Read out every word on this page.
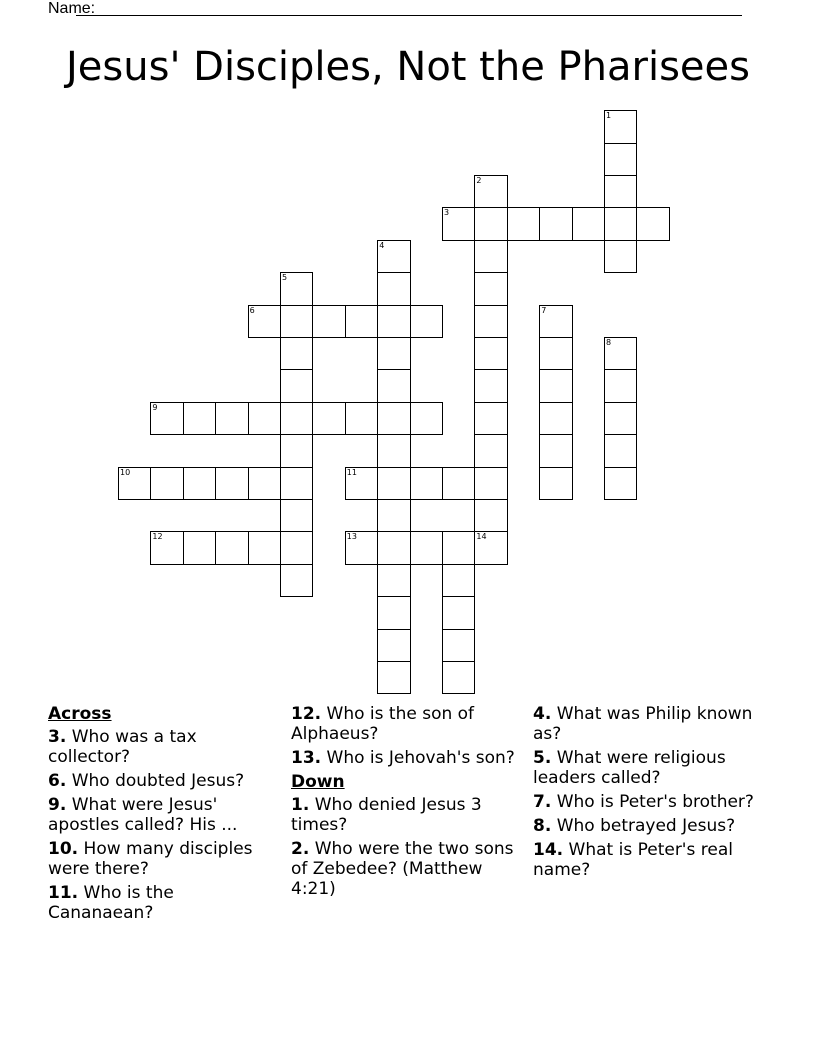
Name:
Jesus' Disciples, Not the Pharisees
1
2
14
3
4
5
6	7
8
9
10	11
12	13
Across
3. Who was a tax collector?
6. Who doubted Jesus?
9. What were Jesus' apostles called? His ...
10. How many disciples were there?
11. Who is the Cananaean?
12. Who is the son of Alphaeus?
13. Who is Jehovah's son?
Down
1. Who denied Jesus 3 times?
2. Who were the two sons of Zebedee? (Matthew 4:21)
4. What was Philip known as?
5. What were religious leaders called?
7. Who is Peter's brother?
8. Who betrayed Jesus?
14. What is Peter's real name?
